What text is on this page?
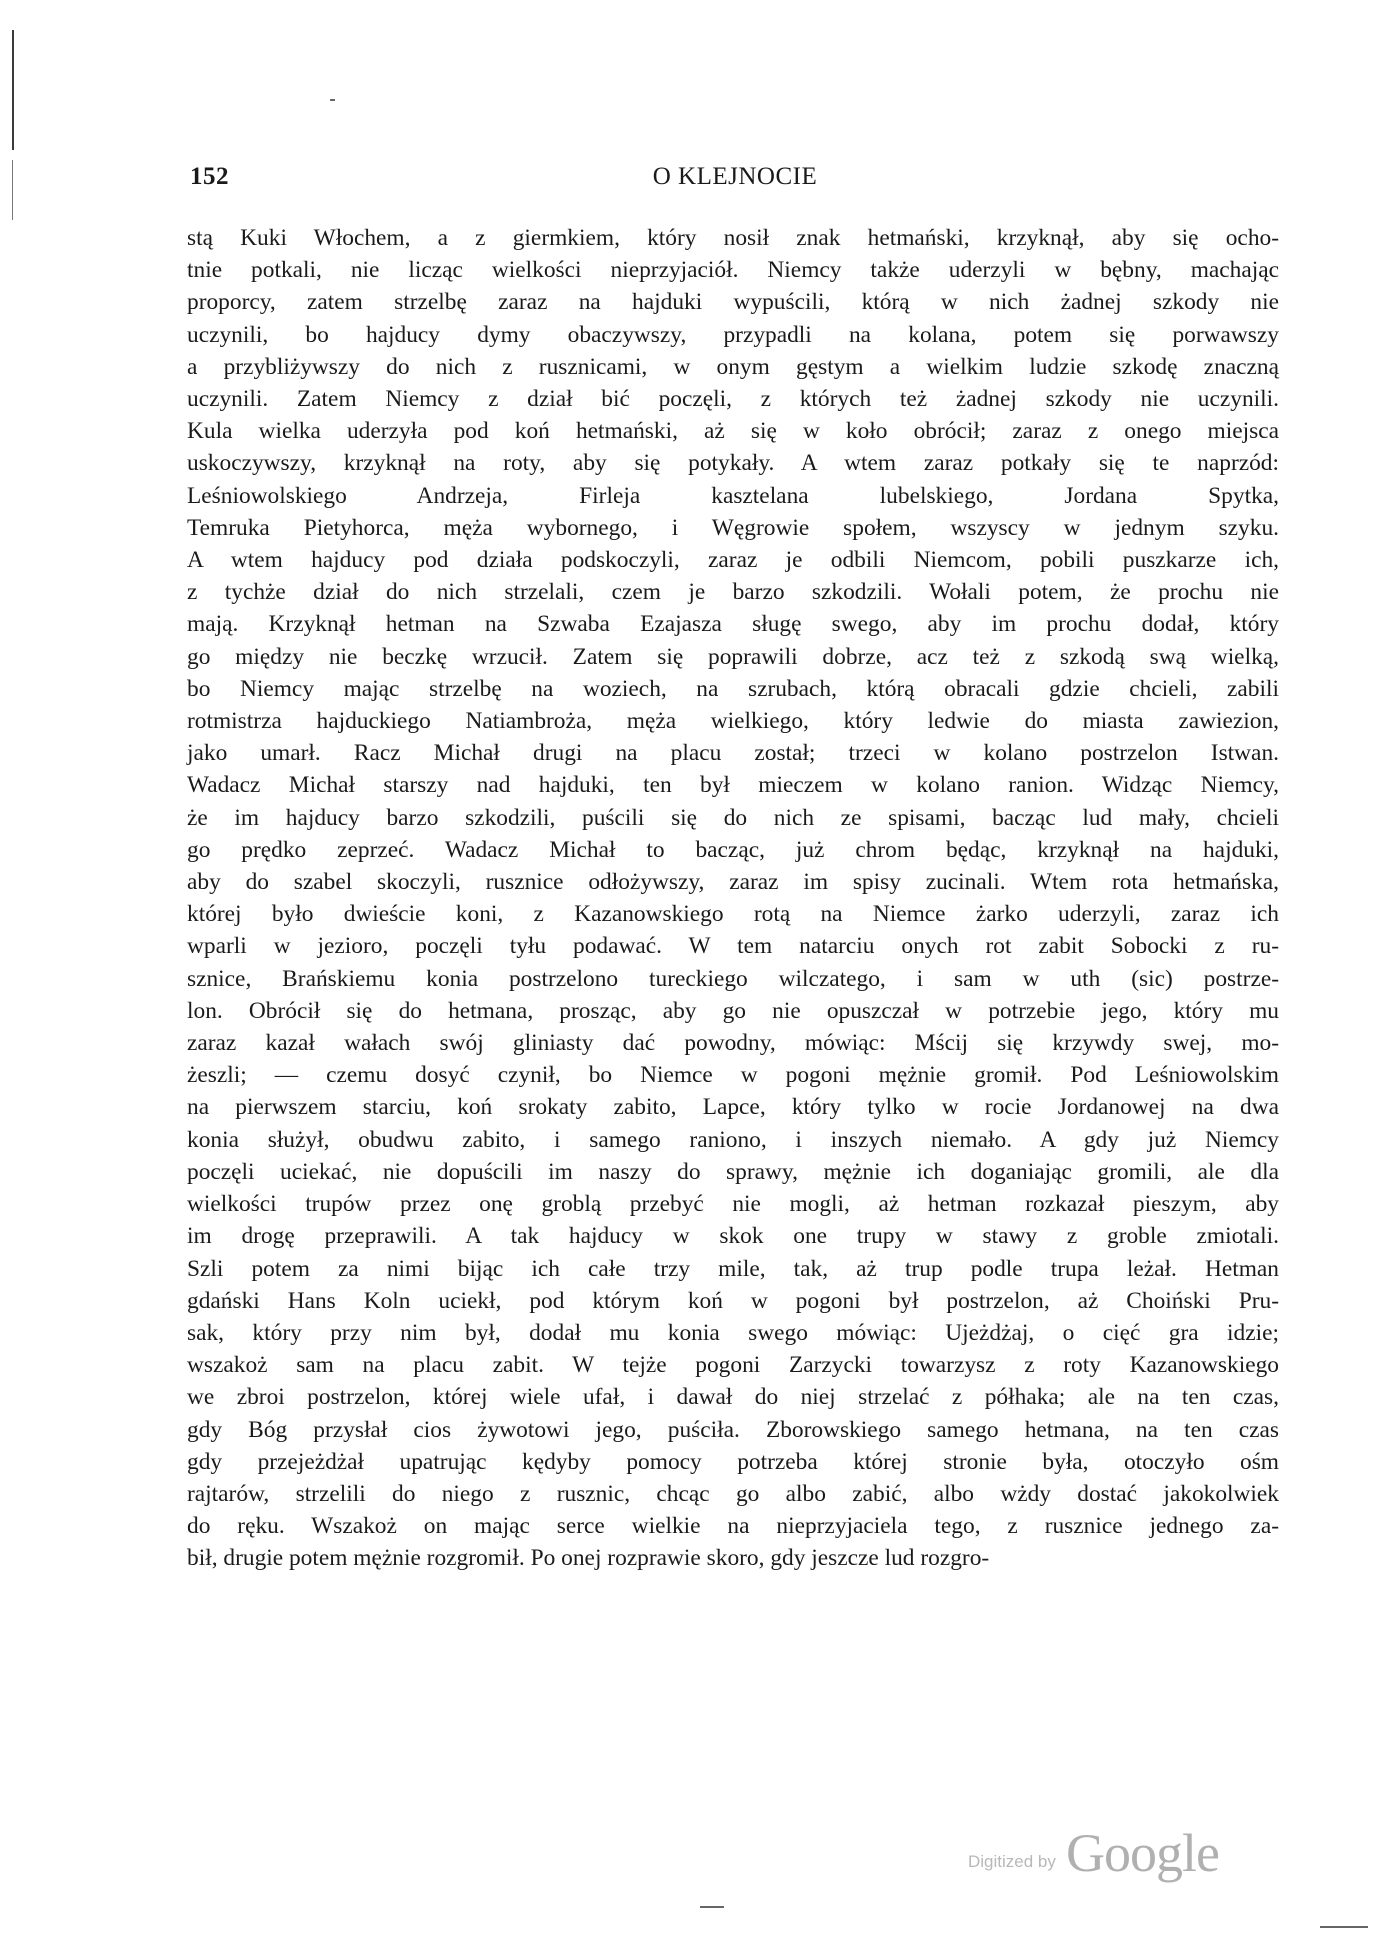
152	O KLEJNOCIE
stą Kuki Włochem, a z giermkiem, który nosił znak hetmański, krzyknął, aby się ocho-
tnie potkali, nie licząc wielkości nieprzyjaciół. Niemcy także uderzyli w bębny, machając
proporcy, zatem strzelbę zaraz na hajduki wypuścili, którą w nich żadnej szkody nie
uczynili, bo hajducy dymy obaczywszy, przypadli na kolana, potem się porwawszy
a przybliżywszy do nich z rusznicami, w onym gęstym a wielkim ludzie szkodę znaczną
uczynili. Zatem Niemcy z dział bić poczęli, z których też żadnej szkody nie uczynili.
Kula wielka uderzyła pod koń hetmański, aż się w koło obrócił; zaraz z onego miejsca
uskoczywszy, krzyknął na roty, aby się potykały. A wtem zaraz potkały się te naprzód:
Leśniowolskiego Andrzeja, Firleja kasztelana lubelskiego, Jordana Spytka,
Temruka Pietyhorca, męża wybornego, i Węgrowie społem, wszyscy w jednym szyku.
A wtem hajducy pod działa podskoczyli, zaraz je odbili Niemcom, pobili puszkarze ich,
z tychże dział do nich strzelali, czem je barzo szkodzili. Wołali potem, że prochu nie
mają. Krzyknął hetman na Szwaba Ezajasza sługę swego, aby im prochu dodał, który
go między nie beczkę wrzucił. Zatem się poprawili dobrze, acz też z szkodą swą wielką,
bo Niemcy mając strzelbę na woziech, na szrubach, którą obracali gdzie chcieli, zabili
rotmistrza hajduckiego Natiambroża, męża wielkiego, który ledwie do miasta zawiezion,
jako umarł. Racz Michał drugi na placu został; trzeci w kolano postrzelon Istwan.
Wadacz Michał starszy nad hajduki, ten był mieczem w kolano ranion. Widząc Niemcy,
że im hajducy barzo szkodzili, puścili się do nich ze spisami, bacząc lud mały, chcieli
go prędko zeprzeć. Wadacz Michał to bacząc, już chrom będąc, krzyknął na hajduki,
aby do szabel skoczyli, rusznice odłożywszy, zaraz im spisy zucinali. Wtem rota hetmańska,
której było dwieście koni, z Kazanowskiego rotą na Niemce żarko uderzyli, zaraz ich
wparli w jezioro, poczęli tyłu podawać. W tem natarciu onych rot zabit Sobocki z ru-
sznice, Brańskiemu konia postrzelono tureckiego wilczatego, i sam w uth (sic) postrze-
lon. Obrócił się do hetmana, prosząc, aby go nie opuszczał w potrzebie jego, który mu
zaraz kazał wałach swój gliniasty dać powodny, mówiąc: Mścij się krzywdy swej, mo-
żeszli; — czemu dosyć czynił, bo Niemce w pogoni mężnie gromił. Pod Leśniowolskim
na pierwszem starciu, koń srokaty zabito, Lapce, który tylko w rocie Jordanowej na dwa
konia służył, obudwu zabito, i samego raniono, i inszych niemało. A gdy już Niemcy
poczęli uciekać, nie dopuścili im naszy do sprawy, mężnie ich doganiając gromili, ale dla
wielkości trupów przez onę groblą przebyć nie mogli, aż hetman rozkazał pieszym, aby
im drogę przeprawili. A tak hajducy w skok one trupy w stawy z groble zmiotali.
Szli potem za nimi bijąc ich całe trzy mile, tak, aż trup podle trupa leżał. Hetman
gdański Hans Koln uciekł, pod którym koń w pogoni był postrzelon, aż Choiński Pru-
sak, który przy nim był, dodał mu konia swego mówiąc: Ujeżdżaj, o cięć gra idzie;
wszakoż sam na placu zabit. W tejże pogoni Zarzycki towarzysz z roty Kazanowskiego
we zbroi postrzelon, której wiele ufał, i dawał do niej strzelać z półhaka; ale na ten czas,
gdy Bóg przysłał cios żywotowi jego, puściła. Zborowskiego samego hetmana, na ten czas
gdy przejeżdżał upatrując kędyby pomocy potrzeba której stronie była, otoczyło ośm
rajtarów, strzelili do niego z rusznic, chcąc go albo zabić, albo wżdy dostać jakokolwiek
do ręku. Wszakoż on mając serce wielkie na nieprzyjaciela tego, z rusznice jednego za-
bił, drugie potem mężnie rozgromił. Po onej rozprawie skoro, gdy jeszcze lud rozgro-
Digitized by Google
